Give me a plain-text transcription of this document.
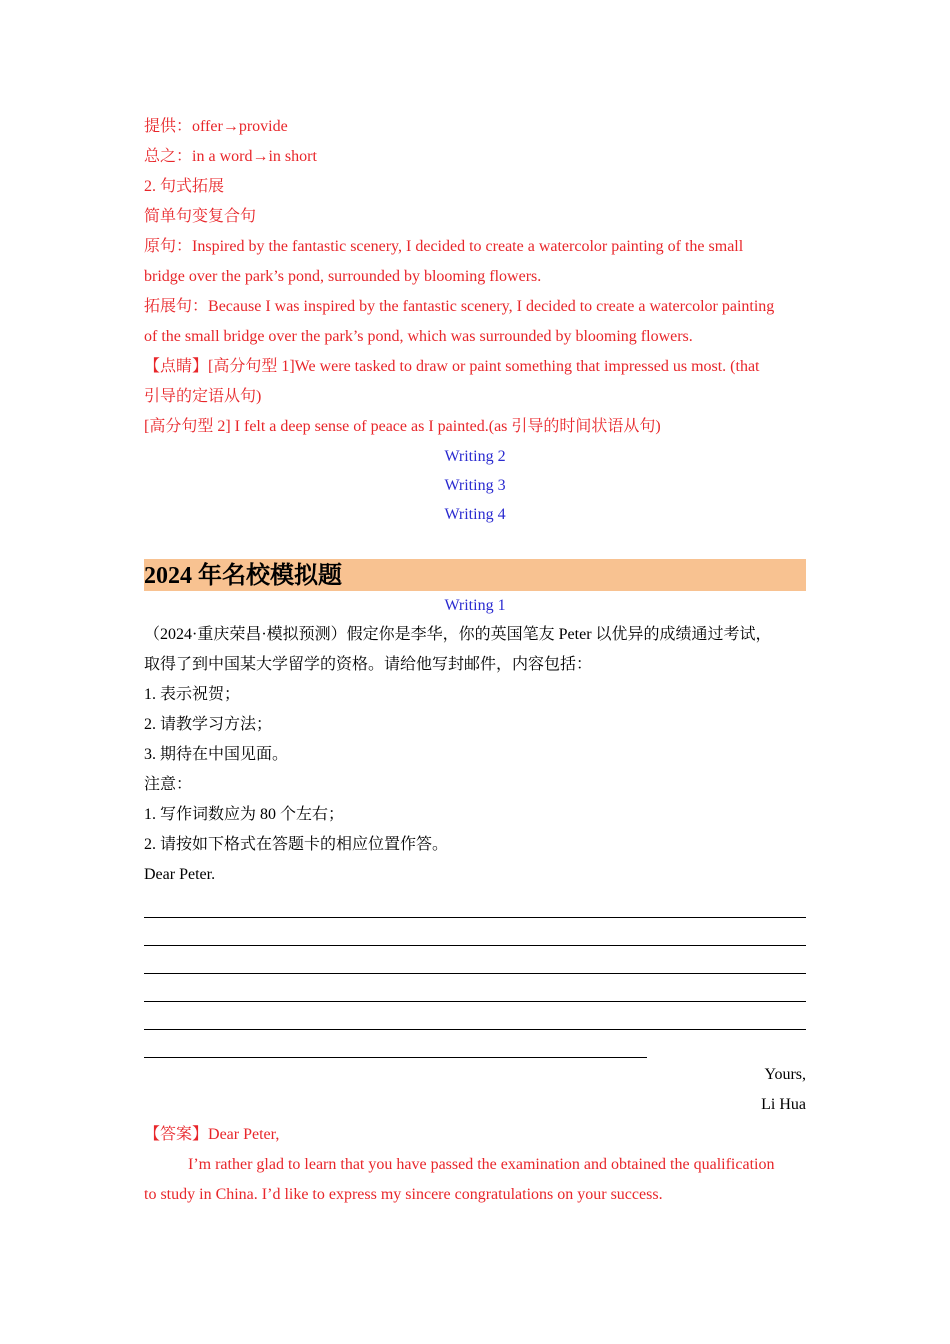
提供：offer→provide
总之：in a word→in short
2. 句式拓展
简单句变复合句
原句：Inspired by the fantastic scenery, I decided to create a watercolor painting of the small
bridge over the park’s pond, surrounded by blooming flowers.
拓展句：Because I was inspired by the fantastic scenery, I decided to create a watercolor painting
of the small bridge over the park’s pond, which was surrounded by blooming flowers.
【点睛】[高分句型 1]We were tasked to draw or paint something that impressed us most. (that
引导的定语从句)
[高分句型 2] I felt a deep sense of peace as I painted.(as 引导的时间状语从句)
Writing 2
Writing 3
Writing 4
2024 年名校模拟题
Writing 1
（2024·重庆荣昌·模拟预测）假定你是李华，你的英国笔友 Peter 以优异的成绩通过考试，
取得了到中国某大学留学的资格。请给他写封邮件，内容包括：
1. 表示祝贺；
2. 请教学习方法；
3. 期待在中国见面。
注意：
1. 写作词数应为 80 个左右；
2. 请按如下格式在答题卡的相应位置作答。
Dear Peter.
Yours,
Li Hua
【答案】Dear Peter,
I’m rather glad to learn that you have passed the examination and obtained the qualification
to study in China. I’d like to express my sincere congratulations on your success.
